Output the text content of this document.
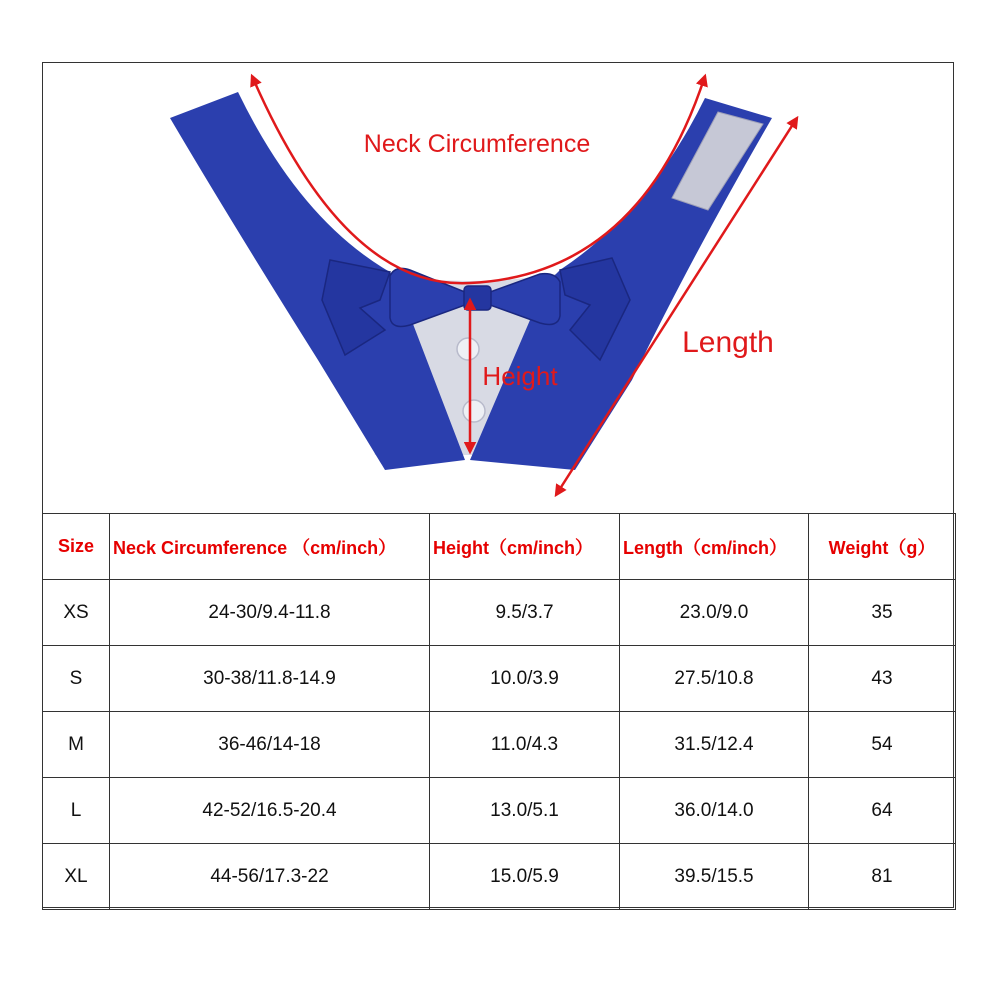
Neck Circumference
Length
Height
Size	Neck Circumference （cm/inch）	Height（cm/inch）	Length（cm/inch）	Weight（g）
XS	24-30/9.4-11.8	9.5/3.7	23.0/9.0	35
S	30-38/11.8-14.9	10.0/3.9	27.5/10.8	43
M	36-46/14-18	11.0/4.3	31.5/12.4	54
L	42-52/16.5-20.4	13.0/5.1	36.0/14.0	64
XL	44-56/17.3-22	15.0/5.9	39.5/15.5	81
